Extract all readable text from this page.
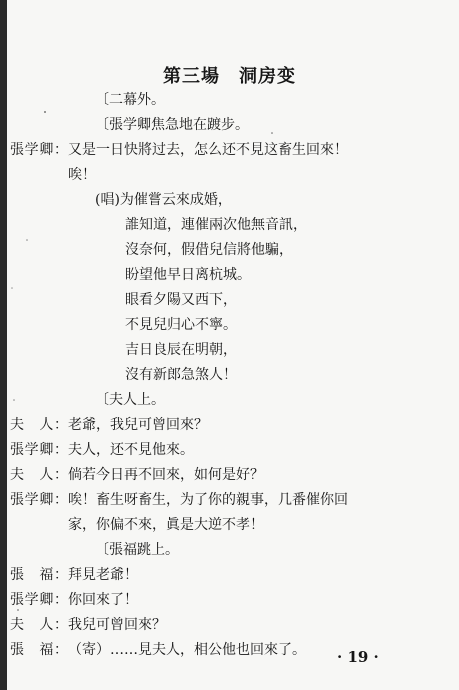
第三場　洞房变
〔二幕外。
〔張学卿焦急地在踱步。
張学卿： 又是一日快將过去，怎么还不見这畜生回來！
唉！
(唱)为催嘗云來成婚，
誰知道，連催兩次他無音訊，
沒奈何，假借兒信將他騙，
盼望他早日离杭城。
眼看夕陽又西下，
不見兒归心不寧。
吉日良辰在明朝，
沒有新郎急煞人！
〔夫人上。
夫　人： 老爺，我兒可曾回來？
張学卿： 夫人，还不見他來。
夫　人： 倘若今日再不回來，如何是好？
張学卿： 唉！畜生呀畜生，为了你的親事，几番催你回
家，你偏不來，眞是大逆不孝！
〔張福跳上。
張　福： 拜見老爺！
張学卿： 你回來了！
夫　人： 我兒可曾回來？
張　福： （寄）……見夫人，相公他也回來了。 · 19 ·
